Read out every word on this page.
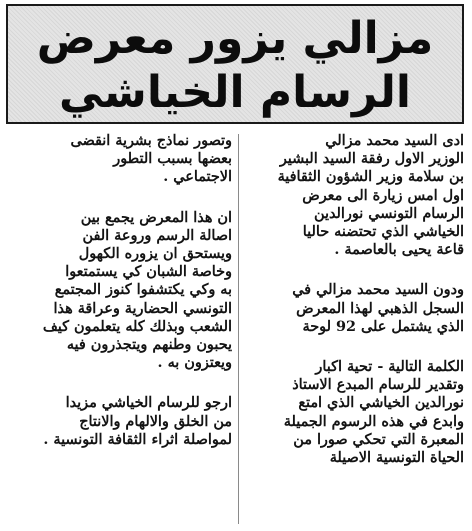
مزالي يزور معرض
الرسام الخياشي
ادى السيد محمد مزالي
الوزير الاول رفقة السيد البشير
بن سلامة وزير الشؤون الثقافية
اول امس زيارة الى معرض
الرسام التونسي نورالدين
الخياشي الذي تحتضنه حاليا
قاعة يحيى بالعاصمة .
ودون السيد محمد مزالي في
السجل الذهبي لهذا المعرض
الذي يشتمل على 92 لوحة
الكلمة التالية - تحية اكبار
وتقدير للرسام المبدع الاستاذ
نورالدين الخياشي الذي امتع
وابدع في هذه الرسوم الجميلة
المعبرة التي تحكي صورا من
الحياة التونسية الاصيلة
وتصور نماذج بشرية انقضى
بعضها بسبب التطور
الاجتماعي .
ان هذا المعرض يجمع بين
اصالة الرسم وروعة الفن
ويستحق ان يزوره الكهول
وخاصة الشبان كي يستمتعوا
به وكي يكتشفوا كنوز المجتمع
التونسي الحضارية وعراقة هذا
الشعب وبذلك كله يتعلمون كيف
يحبون وطنهم ويتجذرون فيه
ويعتزون به .
ارجو للرسام الخياشي مزيدا
من الخلق والالهام والانتاج
لمواصلة اثراء الثقافة التونسية .
